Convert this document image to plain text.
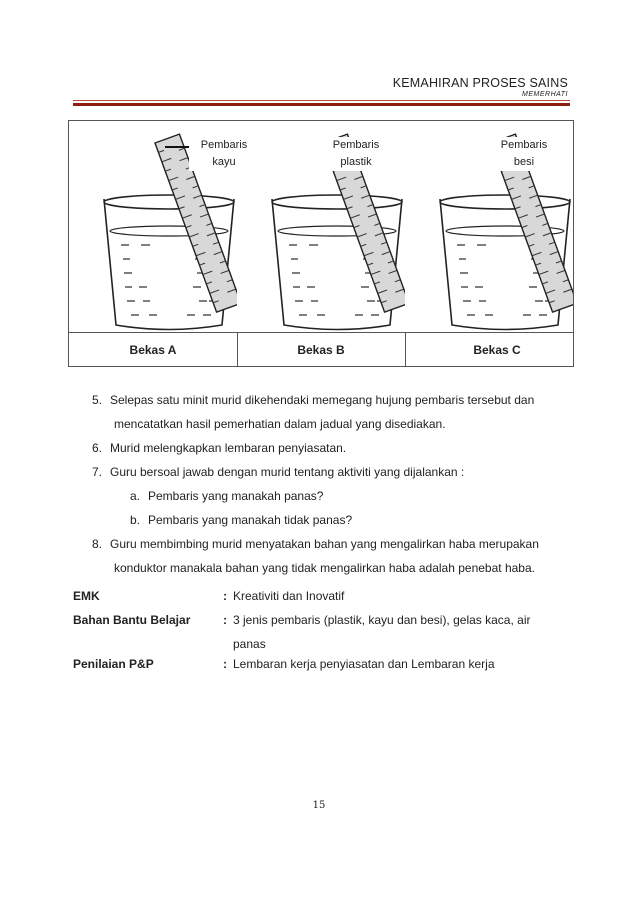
KEMAHIRAN PROSES SAINS
MEMERHATI
Pembaris
kayu
Pembaris
plastik
Pembaris
besi
Bekas A	Bekas B	Bekas C
5. Selepas satu minit murid dikehendaki memegang hujung pembaris tersebut dan
mencatatkan hasil pemerhatian dalam jadual yang disediakan.
6. Murid melengkapkan lembaran penyiasatan.
7. Guru bersoal jawab dengan murid tentang aktiviti yang dijalankan :
a. Pembaris yang manakah panas?
b. Pembaris yang manakah tidak panas?
8. Guru membimbing murid menyatakan bahan yang mengalirkan haba merupakan
konduktor manakala bahan yang tidak mengalirkan haba adalah penebat haba.
EMK	: Kreativiti dan Inovatif
Bahan Bantu Belajar	: 3 jenis pembaris (plastik, kayu dan besi), gelas kaca, air
panas
Penilaian P&P	: Lembaran kerja penyiasatan dan Lembaran kerja
15
